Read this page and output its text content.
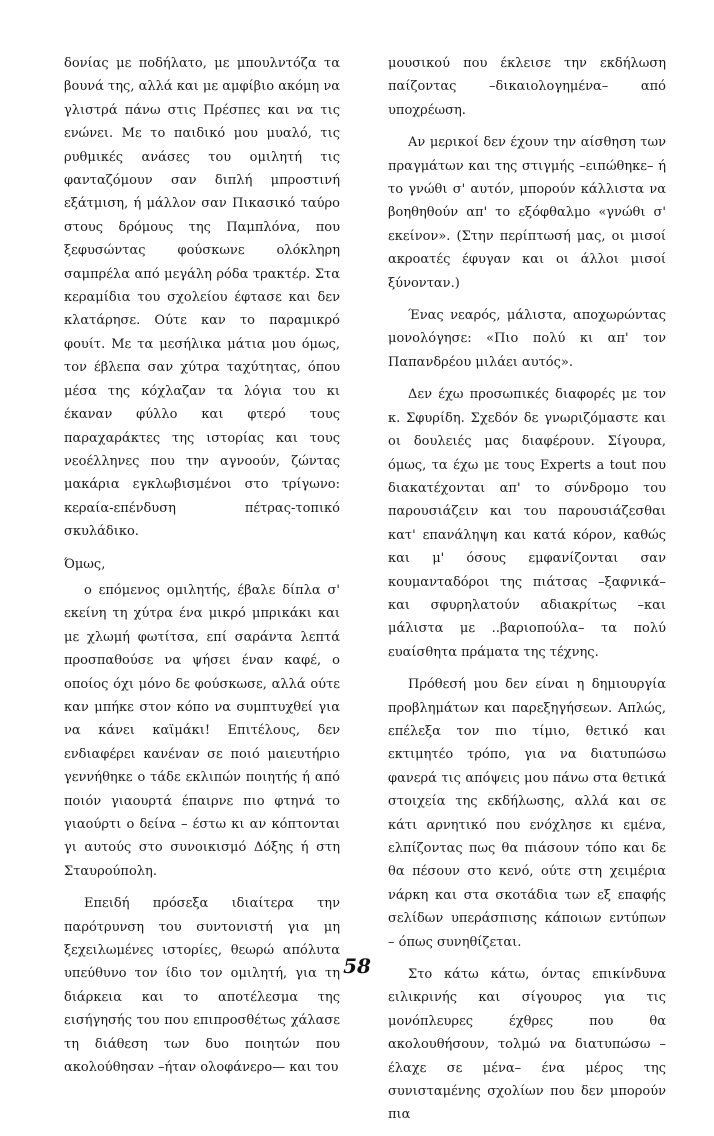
δονίας με ποδήλατο, με μπουλντόζα τα βουνά της, αλλά και με αμφίβιο ακόμη να γλιστρά πάνω στις Πρέσπες και να τις ενώνει. Με το παιδικό μου μυαλό, τις ρυθμικές ανάσες του ομιλητή τις φανταζόμουν σαν διπλή μπροστινή εξάτμιση, ή μάλλον σαν Πικασικό ταύρο στους δρόμους της Παμπλόνα, που ξεφυσώντας φούσκωνε ολόκληρη σαμπρέλα από μεγάλη ρόδα τρακτέρ. Στα κεραμίδια του σχολείου έφτασε και δεν κλατάρησε. Ούτε καν το παραμικρό φουίτ. Με τα μεσήλικα μάτια μου όμως, τον έβλεπα σαν χύτρα ταχύτητας, όπου μέσα της κόχλαζαν τα λόγια του κι έκαναν φύλλο και φτερό τους παραχαράκτες της ιστορίας και τους νεοέλληνες που την αγνοούν, ζώντας μακάρια εγκλωβισμένοι στο τρίγωνο: κεραία-επένδυση πέτρας-τοπικό σκυλάδικο.

Όμως,

ο επόμενος ομιλητής, έβαλε δίπλα σ' εκείνη τη χύτρα ένα μικρό μπρικάκι και με χλωμή φωτίτσα, επί σαράντα λεπτά προσπαθούσε να ψήσει έναν καφέ, ο οποίος όχι μόνο δε φούσκωσε, αλλά ούτε καν μπήκε στον κόπο να συμπτυχθεί για να κάνει καϊμάκι! Επιτέλους, δεν ενδιαφέρει κανέναν σε ποιό μαιευτήριο γεννήθηκε ο τάδε εκλιπών ποιητής ή από ποιόν γιαουρτά έπαιρνε πιο φτηνά το γιαούρτι ο δείνα – έστω κι αν κόπτονται γι αυτούς στο συνοικισμό Δόξης ή στη Σταυρούπολη.

Επειδή πρόσεξα ιδιαίτερα την παρότρυνση του συντονιστή για μη ξεχειλωμένες ιστορίες, θεωρώ απόλυτα υπεύθυνο τον ίδιο τον ομιλητή, για τη διάρκεια και το αποτέλεσμα της εισήγησής του που επιπροσθέτως χάλασε τη διάθεση των δυο ποιητών που ακολούθησαν –ήταν ολοφάνερο— και του

μουσικού που έκλεισε την εκδήλωση παίζοντας –δικαιολογημένα– από υποχρέωση.

Αν μερικοί δεν έχουν την αίσθηση των πραγμάτων και της στιγμής –ειπώθηκε– ή το γνώθι σ' αυτόν, μπορούν κάλλιστα να βοηθηθούν απ' το εξόφθαλμο «γνώθι σ' εκείνον». (Στην περίπτωσή μας, οι μισοί ακροατές έφυγαν και οι άλλοι μισοί ξύνονταν.)

Ένας νεαρός, μάλιστα, αποχωρώντας μονολόγησε: «Πιο πολύ κι απ' τον Παπανδρέου μιλάει αυτός».

Δεν έχω προσωπικές διαφορές με τον κ. Σφυρίδη. Σχεδόν δε γνωριζόμαστε και οι δουλειές μας διαφέρουν. Σίγουρα, όμως, τα έχω με τους Experts a tout που διακατέχονται απ' το σύνδρομο του παρουσιάζειν και του παρουσιάζεσθαι κατ' επανάληψη και κατά κόρον, καθώς και μ' όσους εμφανίζονται σαν κουμανταδόροι της πιάτσας –ξαφνικά– και σφυρηλατούν αδιακρίτως –και μάλιστα με ..βαριοπούλα– τα πολύ ευαίσθητα πράματα της τέχνης.

Πρόθεσή μου δεν είναι η δημιουργία προβλημάτων και παρεξηγήσεων. Απλώς, επέλεξα τον πιο τίμιο, θετικό και εκτιμητέο τρόπο, για να διατυπώσω φανερά τις απόψεις μου πάνω στα θετικά στοιχεία της εκδήλωσης, αλλά και σε κάτι αρνητικό που ενόχλησε κι εμένα, ελπίζοντας πως θα πιάσουν τόπο και δε θα πέσουν στο κενό, ούτε στη χειμέρια νάρκη και στα σκοτάδια των εξ επαφής σελίδων υπεράσπισης κάποιων εντύπων – όπως συνηθίζεται.

Στο κάτω κάτω, όντας επικίνδυνα ειλικρινής και σίγουρος για τις μονόπλευρες έχθρες που θα ακολουθήσουν, τολμώ να διατυπώσω –έλαχε σε μένα– ένα μέρος της συνισταμένης σχολίων που δεν μπορούν πια

58
